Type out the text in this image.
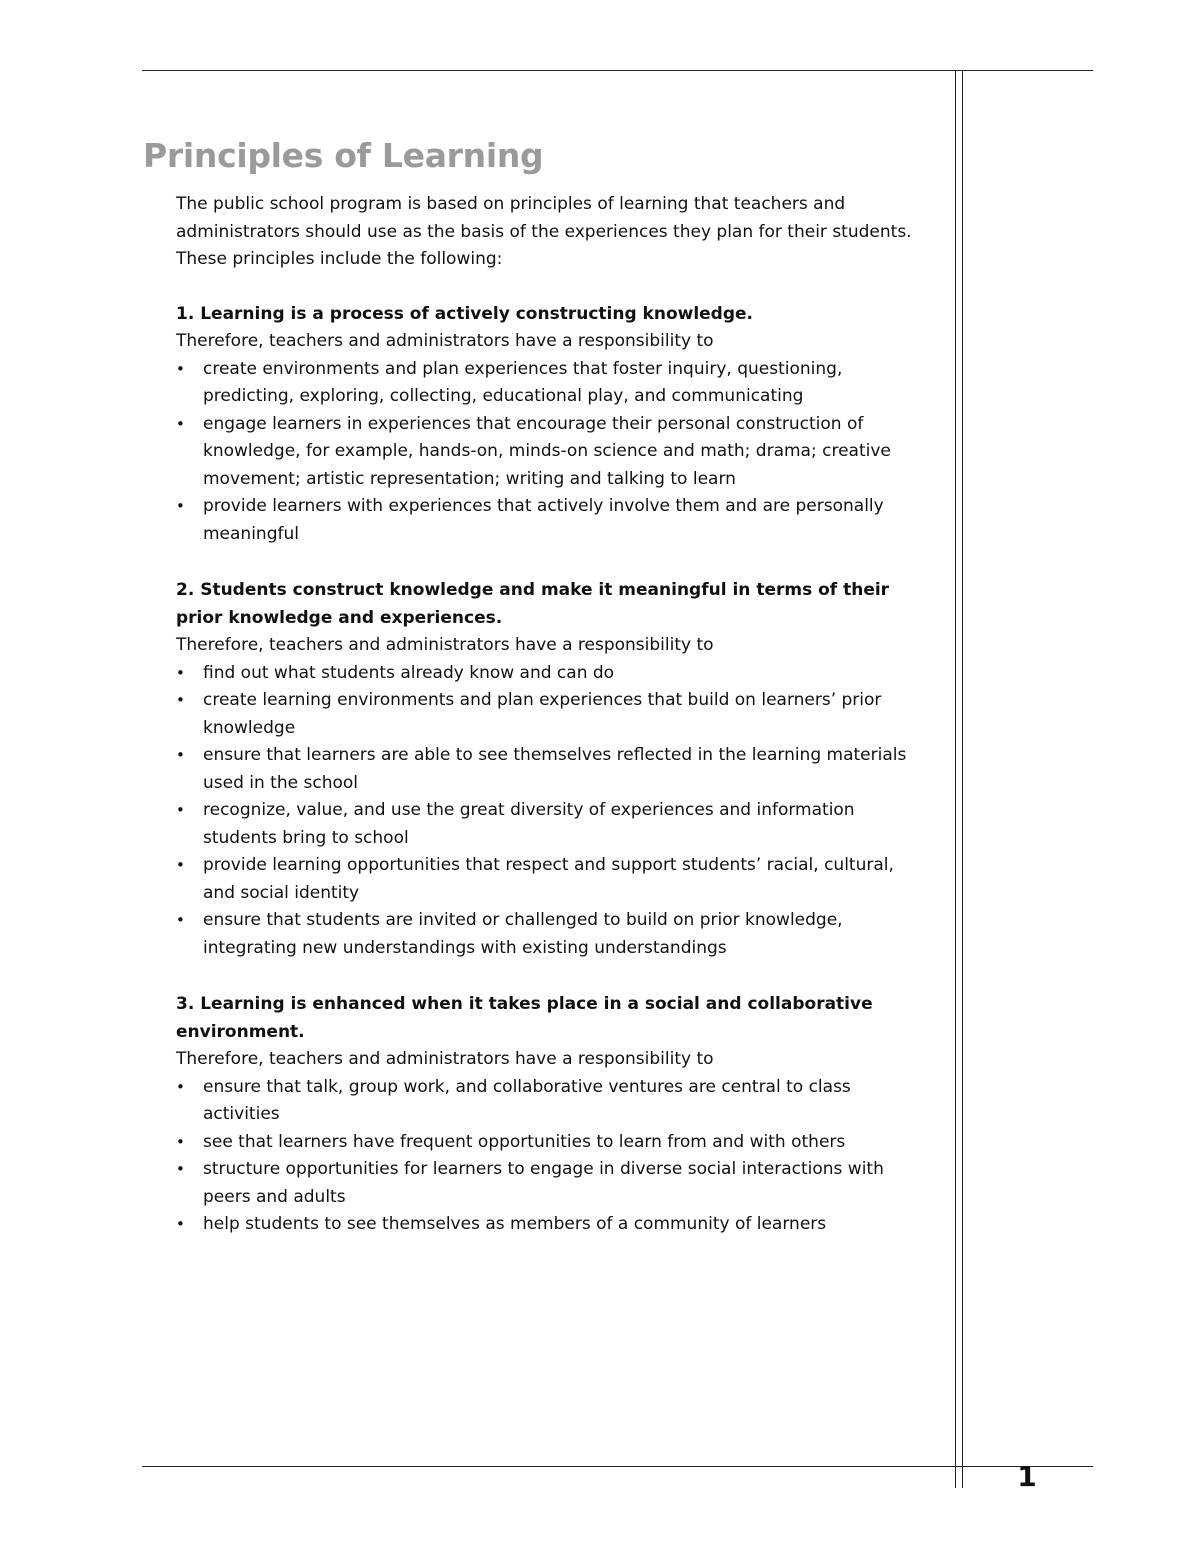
Principles of Learning

The public school program is based on principles of learning that teachers and administrators should use as the basis of the experiences they plan for their students. These principles include the following:

1. Learning is a process of actively constructing knowledge.

Therefore, teachers and administrators have a responsibility to

• create environments and plan experiences that foster inquiry, questioning, predicting, exploring, collecting, educational play, and communicating
• engage learners in experiences that encourage their personal construction of knowledge, for example, hands-on, minds-on science and math; drama; creative movement; artistic representation; writing and talking to learn
• provide learners with experiences that actively involve them and are personally meaningful

2. Students construct knowledge and make it meaningful in terms of their prior knowledge and experiences.

Therefore, teachers and administrators have a responsibility to

• find out what students already know and can do
• create learning environments and plan experiences that build on learners’ prior knowledge
• ensure that learners are able to see themselves reflected in the learning materials used in the school
• recognize, value, and use the great diversity of experiences and information students bring to school
• provide learning opportunities that respect and support students’ racial, cultural, and social identity
• ensure that students are invited or challenged to build on prior knowledge, integrating new understandings with existing understandings

3. Learning is enhanced when it takes place in a social and collaborative environment.

Therefore, teachers and administrators have a responsibility to

• ensure that talk, group work, and collaborative ventures are central to class activities
• see that learners have frequent opportunities to learn from and with others
• structure opportunities for learners to engage in diverse social interactions with peers and adults
• help students to see themselves as members of a community of learners
1
